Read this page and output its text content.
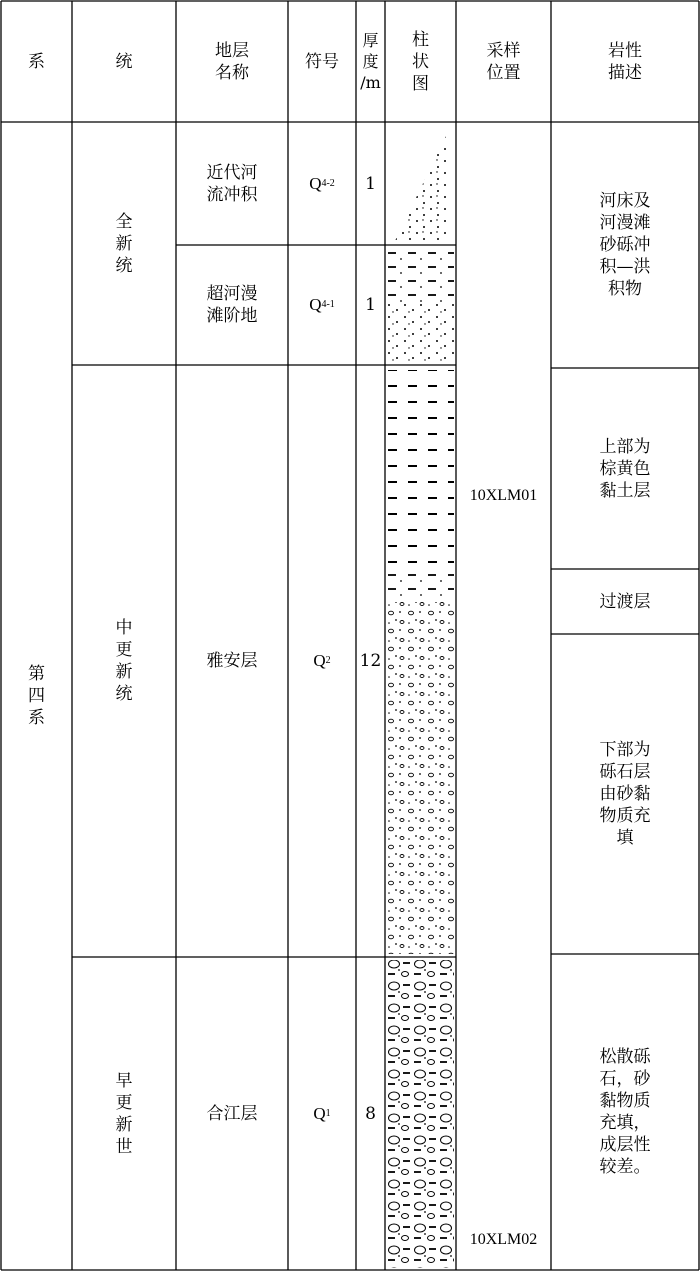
系	统
地层
名称
符号
厚
度
/m
柱
状
图
采样
位置
岩性
描述
第
四
系
全
新
统
中
更
新
统
早
更
新
世
近代河
流冲积
超河漫
滩阶地
雅安层
合江层
Q 4-2
Q 4-1
Q 2
Q 1
1
1
12
8
10XLM01
10XLM02
河床及
河漫滩
砂砾冲
积—洪
积物
上部为
棕黄色
黏土层
过渡层
下部为
砾石层
由砂黏
物质充
填
松散砾
石，砂
黏物质
充填，
成层性
较差。
